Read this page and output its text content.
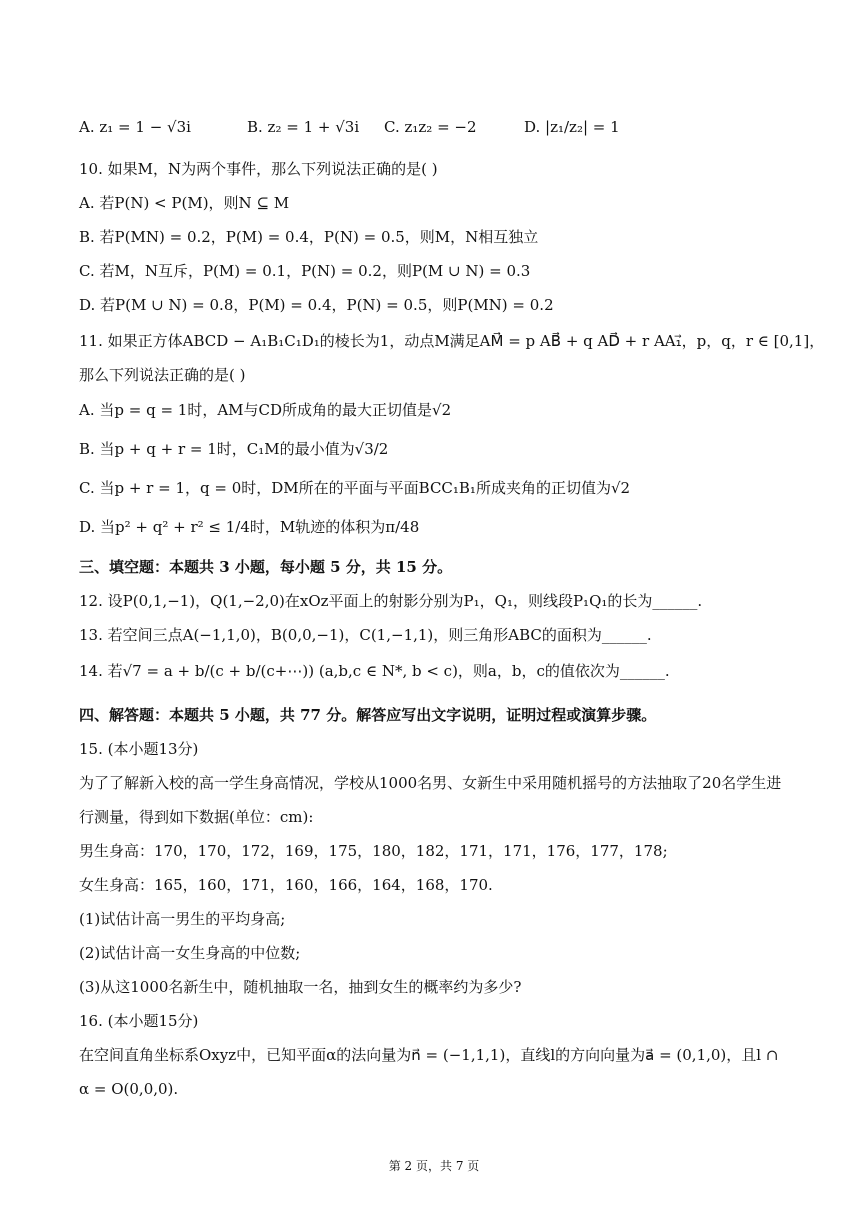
A. z₁ = 1 − √3i	B. z₂ = 1 + √3i C. z₁z₂ = −2	D. |z₁/z₂| = 1
10. 如果M，N为两个事件，那么下列说法正确的是( )
A. 若P(N) < P(M)，则N ⊆ M
B. 若P(MN) = 0.2，P(M) = 0.4，P(N) = 0.5，则M，N相互独立
C. 若M，N互斥，P(M) = 0.1，P(N) = 0.2，则P(M ∪ N) = 0.3
D. 若P(M ∪ N) = 0.8，P(M) = 0.4，P(N) = 0.5，则P(MN) = 0.2
11. 如果正方体ABCD − A₁B₁C₁D₁的棱长为1，动点M满足AM⃗ = p AB⃗ + q AD⃗ + r AA₁⃗，p，q，r ∈ [0,1]，
那么下列说法正确的是( )
A. 当p = q = 1时，AM与CD所成角的最大正切值是√2
B. 当p + q + r = 1时，C₁M的最小值为√3/2
C. 当p + r = 1，q = 0时，DM所在的平面与平面BCC₁B₁所成夹角的正切值为√2
D. 当p² + q² + r² ≤ 1/4时，M轨迹的体积为π/48
三、填空题：本题共 3 小题，每小题 5 分，共 15 分。
12. 设P(0,1,−1)，Q(1,−2,0)在xOz平面上的射影分别为P₁，Q₁，则线段P₁Q₁的长为______.
13. 若空间三点A(−1,1,0)，B(0,0,−1)，C(1,−1,1)，则三角形ABC的面积为______.
14. 若√7 = a + b/(c + b/(c+⋯)) (a,b,c ∈ N*, b < c)，则a，b，c的值依次为______.
四、解答题：本题共 5 小题，共 77 分。解答应写出文字说明，证明过程或演算步骤。
15. (本小题13分)
为了了解新入校的高一学生身高情况，学校从1000名男、女新生中采用随机摇号的方法抽取了20名学生进
行测量，得到如下数据(单位：cm):
男生身高：170，170，172，169，175，180，182，171，171，176，177，178;
女生身高：165，160，171，160，166，164，168，170.
(1)试估计高一男生的平均身高;
(2)试估计高一女生身高的中位数;
(3)从这1000名新生中，随机抽取一名，抽到女生的概率约为多少?
16. (本小题15分)
在空间直角坐标系Oxyz中，已知平面α的法向量为n⃗ = (−1,1,1)，直线l的方向向量为a⃗ = (0,1,0)，且l ∩
α = O(0,0,0).
第 2 页，共 7 页
